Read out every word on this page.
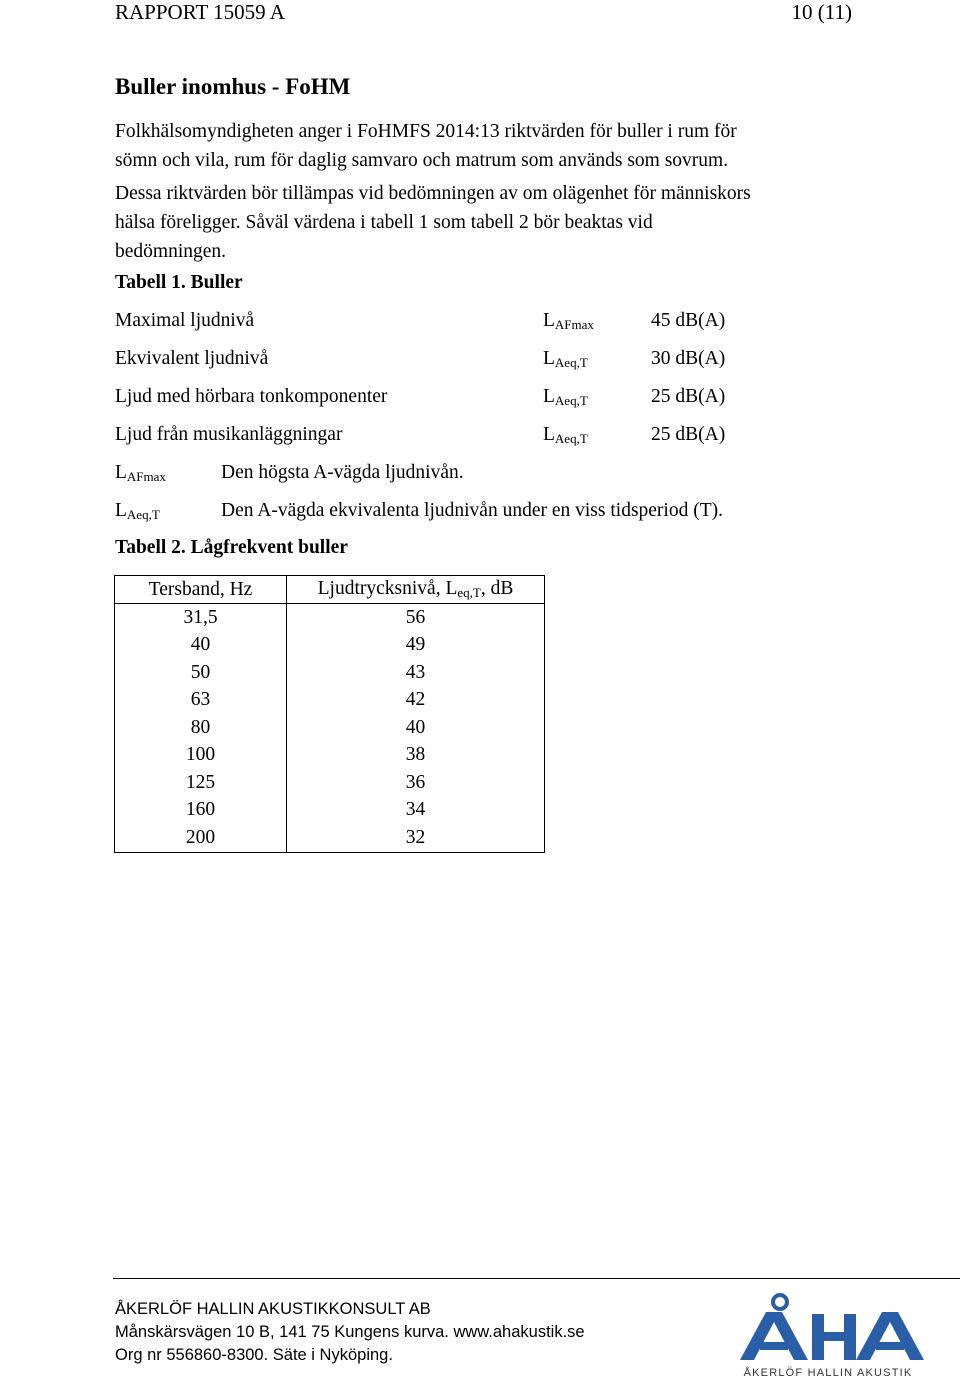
RAPPORT 15059 A	10 (11)
Buller inomhus - FoHM

Folkhälsomyndigheten anger i FoHMFS 2014:13 riktvärden för buller i rum för
sömn och vila, rum för daglig samvaro och matrum som används som sovrum.

Dessa riktvärden bör tillämpas vid bedömningen av om olägenhet för människors
hälsa föreligger. Såväl värdena i tabell 1 som tabell 2 bör beaktas vid
bedömningen.

Tabell 1. Buller
Maximal ljudnivå	$L_{AFmax}$	45 dB(A)
Ekvivalent ljudnivå	$L_{Aeq,T}$	30 dB(A)
Ljud med hörbara tonkomponenter	$L_{Aeq,T}$	25 dB(A)
Ljud från musikanläggningar	$L_{Aeq,T}$	25 dB(A)
$L_{AFmax}$	Den högsta A-vägda ljudnivån.
$L_{Aeq,T}$	Den A-vägda ekvivalenta ljudnivån under en viss tidsperiod (T).
Tabell 2. Lågfrekvent buller
Tersband, Hz	Ljudtrycksnivå, $L_{eq,T}$, dB
31,5	56
40	49
50	43
63	42
80	40
100	38
125	36
160	34
200	32
ÅKERLÖF HALLIN AKUSTIKKONSULT AB
Månskärsvägen 10 B, 141 75 Kungens kurva. www.ahakustik.se
Org nr 556860-8300. Säte i Nyköping.
ÅKERLÖF HALLIN AKUSTIK
